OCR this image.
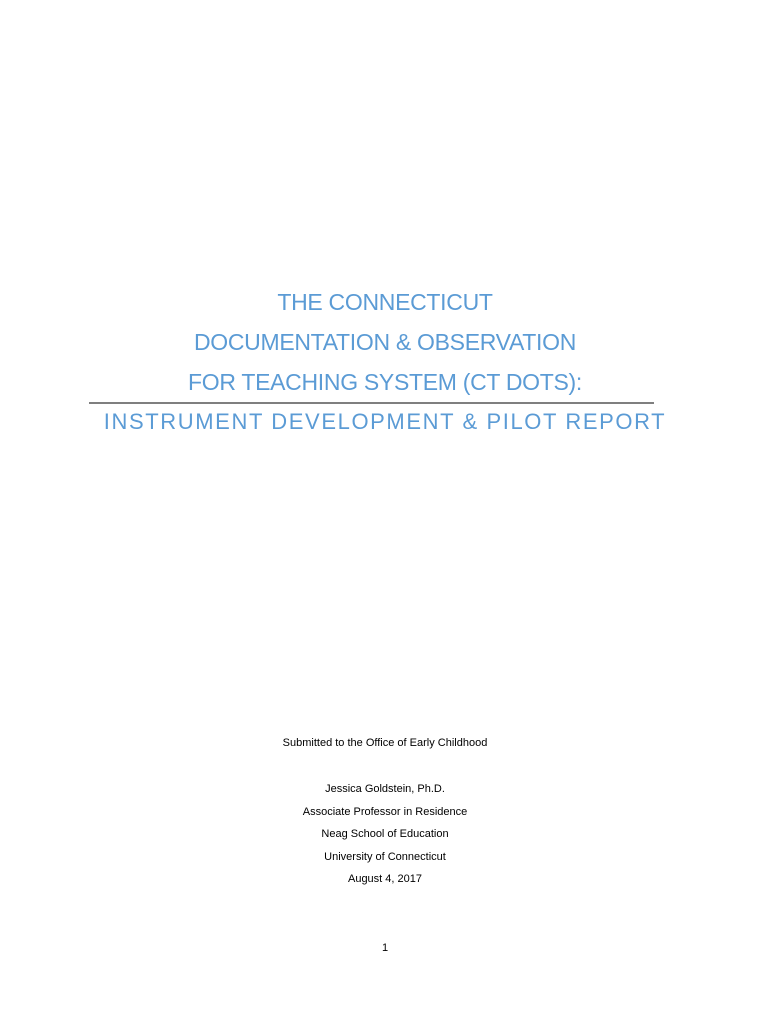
THE CONNECTICUT
DOCUMENTATION & OBSERVATION
FOR TEACHING SYSTEM (CT DOTS):
INSTRUMENT DEVELOPMENT & PILOT REPORT
Submitted to the Office of Early Childhood
Jessica Goldstein, Ph.D.
Associate Professor in Residence
Neag School of Education
University of Connecticut
August 4, 2017
1
